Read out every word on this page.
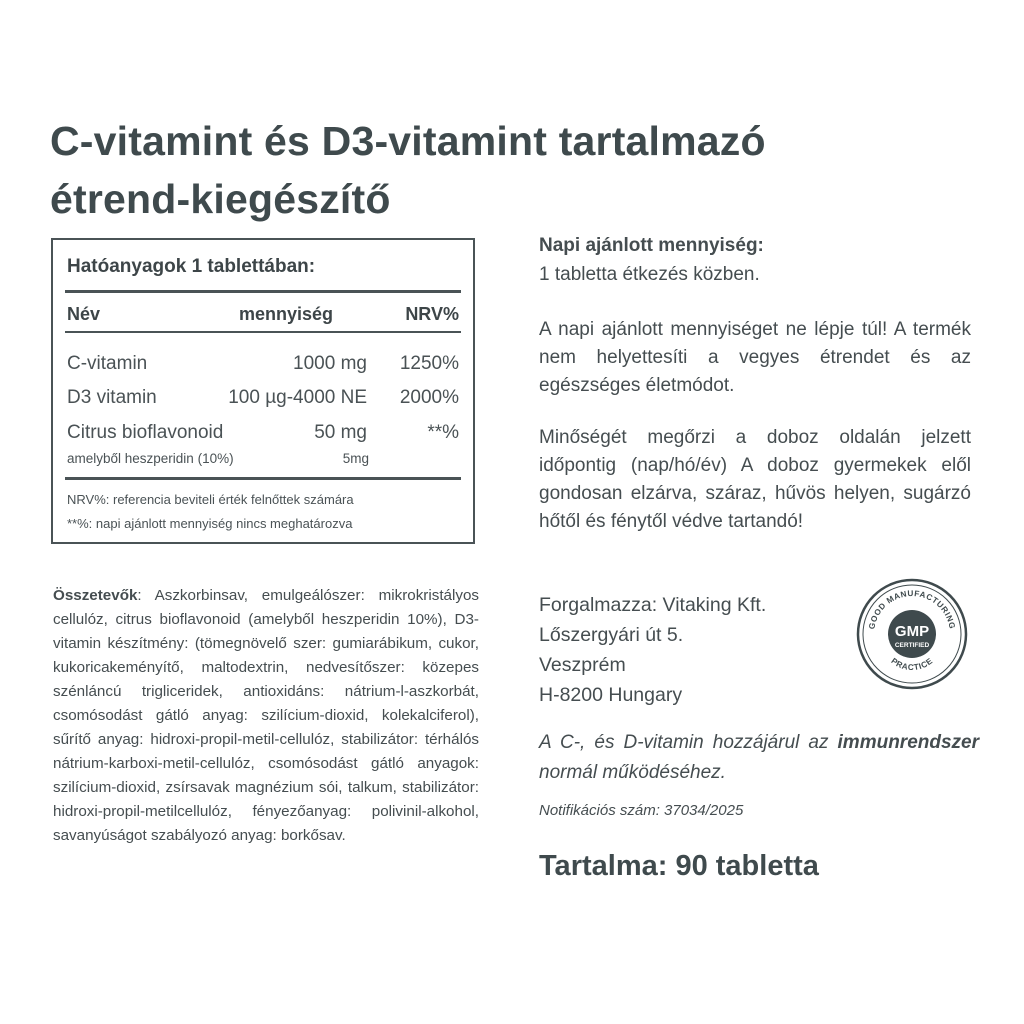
C-vitamint és D3-vitamint tartalmazó
étrend-kiegészítő
Hatóanyagok 1 tablettában:
Név	mennyiség	NRV%
C-vitamin	1000 mg 1250%
D3 vitamin	100 µg-4000 NE 2000%
Citrus bioflavonoid	50 mg	**%
amelyből heszperidin (10%)	5mg
NRV%: referencia beviteli érték felnőttek számára
**%: napi ajánlott mennyiség nincs meghatározva
Összetevők: Aszkorbinsav, emulgeálószer: mikrokristályos cellulóz, citrus bioflavonoid (amelyből heszperidin 10%), D3-vitamin készítmény: (tömegnövelő szer: gumiarábikum, cukor, kukoricakeményítő, maltodextrin, nedvesítőszer: közepes szénláncú trigliceridek, antioxidáns: nátrium-l-aszkorbát, csomósodást gátló anyag: szilícium-dioxid, kolekalciferol), sűrítő anyag: hidroxi-propil-metil-cellulóz, stabilizátor: térhálós nátrium-karboxi-metil-cellulóz, csomósodást gátló anyagok: szilícium-dioxid, zsírsavak magnézium sói, talkum, stabilizátor: hidroxi-propil-metilcellulóz, fényezőanyag: polivinil-alkohol, savanyúságot szabályozó anyag: borkősav.
Napi ajánlott mennyiség:
1 tabletta étkezés közben.
A napi ajánlott mennyiséget ne lépje túl! A termék nem helyettesíti a vegyes étrendet és az egészséges életmódot.
Minőségét megőrzi a doboz oldalán jelzett időpontig (nap/hó/év) A doboz gyermekek elől gondosan elzárva, száraz, hűvös helyen, sugárzó hőtől és fénytől védve tartandó!
Forgalmazza: Vitaking Kft.
Lőszergyári út 5.
Veszprém
H-8200 Hungary
GOOD MANUFACTURING
GMP
CERTIFIED
PRACTICE
A C-, és D-vitamin hozzájárul az immunrendszer normál működéséhez.
Notifikációs szám: 37034/2025
Tartalma: 90 tabletta
